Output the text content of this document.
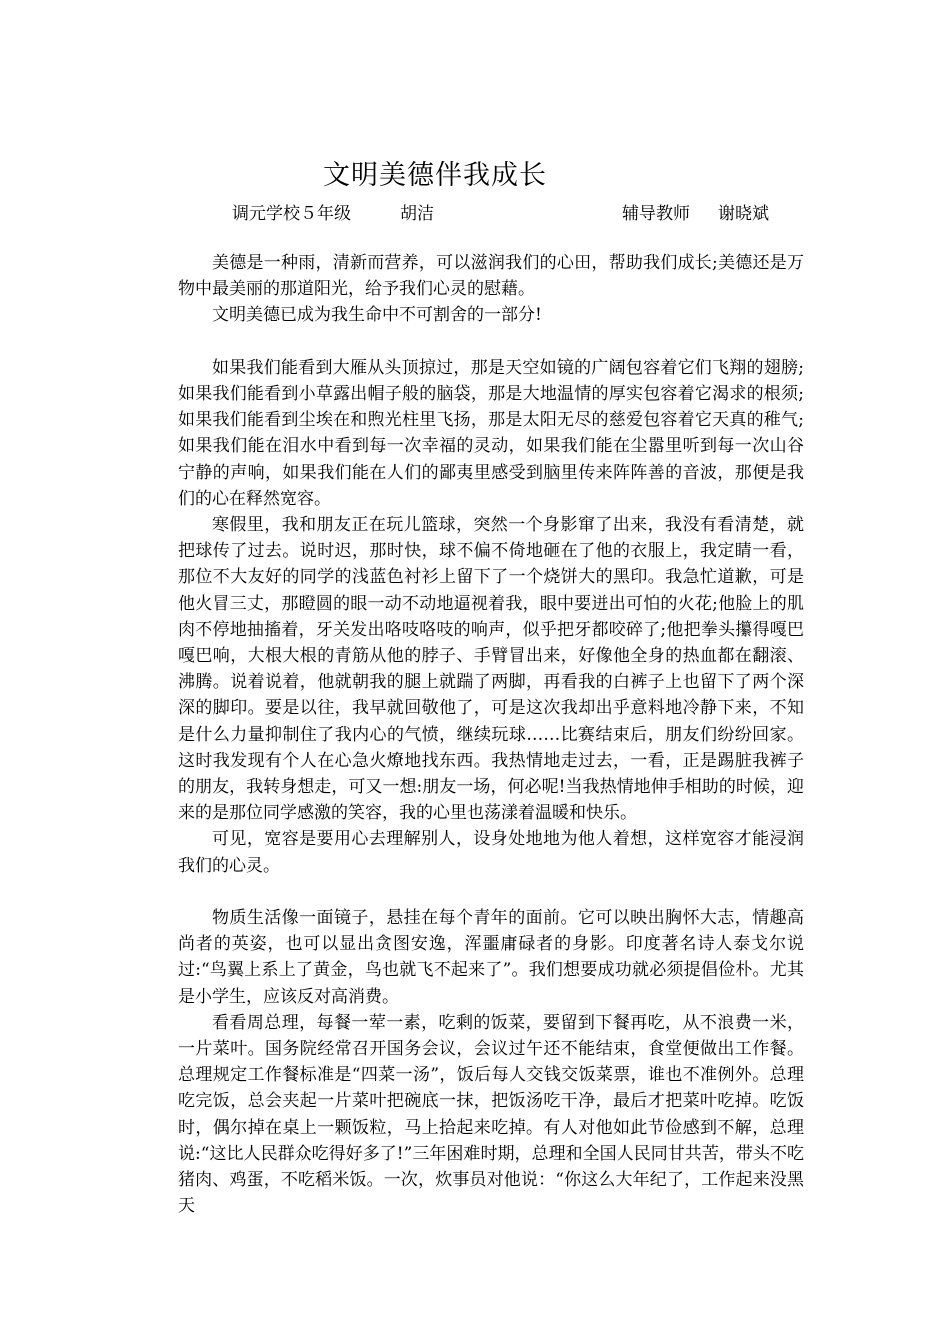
文明美德伴我成长
调元学校５年级	胡洁	辅导教师 谢晓斌

美德是一种雨，清新而营养，可以滋润我们的心田，帮助我们成长;美德还是万物中最美丽的那道阳光，给予我们心灵的慰藉。

文明美德已成为我生命中不可割舍的一部分!

如果我们能看到大雁从头顶掠过，那是天空如镜的广阔包容着它们飞翔的翅膀;如果我们能看到小草露出帽子般的脑袋，那是大地温情的厚实包容着它渴求的根须;如果我们能看到尘埃在和煦光柱里飞扬，那是太阳无尽的慈爱包容着它天真的稚气;如果我们能在泪水中看到每一次幸福的灵动，如果我们能在尘嚣里听到每一次山谷宁静的声响，如果我们能在人们的鄙夷里感受到脑里传来阵阵善的音波，那便是我们的心在释然宽容。

寒假里，我和朋友正在玩儿篮球，突然一个身影窜了出来，我没有看清楚，就把球传了过去。说时迟，那时快，球不偏不倚地砸在了他的衣服上，我定睛一看，那位不大友好的同学的浅蓝色衬衫上留下了一个烧饼大的黑印。我急忙道歉，可是他火冒三丈，那瞪圆的眼一动不动地逼视着我，眼中要迸出可怕的火花;他脸上的肌肉不停地抽搐着，牙关发出咯吱咯吱的响声，似乎把牙都咬碎了;他把拳头攥得嘎巴嘎巴响，大根大根的青筋从他的脖子、手臂冒出来，好像他全身的热血都在翻滚、沸腾。说着说着，他就朝我的腿上就踹了两脚，再看我的白裤子上也留下了两个深深的脚印。要是以往，我早就回敬他了，可是这次我却出乎意料地冷静下来，不知是什么力量抑制住了我内心的气愤，继续玩球……比赛结束后，朋友们纷纷回家。这时我发现有个人在心急火燎地找东西。我热情地走过去，一看，正是踢脏我裤子的朋友，我转身想走，可又一想:朋友一场，何必呢!当我热情地伸手相助的时候，迎来的是那位同学感激的笑容，我的心里也荡漾着温暖和快乐。

可见，宽容是要用心去理解别人，设身处地地为他人着想，这样宽容才能浸润我们的心灵。

物质生活像一面镜子，悬挂在每个青年的面前。它可以映出胸怀大志，情趣高尚者的英姿，也可以显出贪图安逸，浑噩庸碌者的身影。印度著名诗人泰戈尔说过:“鸟翼上系上了黄金，鸟也就飞不起来了”。我们想要成功就必须提倡俭朴。尤其是小学生，应该反对高消费。

看看周总理，每餐一荤一素，吃剩的饭菜，要留到下餐再吃，从不浪费一米，一片菜叶。国务院经常召开国务会议，会议过午还不能结束，食堂便做出工作餐。总理规定工作餐标准是“四菜一汤”，饭后每人交钱交饭菜票，谁也不准例外。总理吃完饭，总会夹起一片菜叶把碗底一抹，把饭汤吃干净，最后才把菜叶吃掉。吃饭时，偶尔掉在桌上一颗饭粒，马上拾起来吃掉。有人对他如此节俭感到不解，总理说:“这比人民群众吃得好多了!”三年困难时期，总理和全国人民同甘共苦，带头不吃猪肉、鸡蛋，不吃稻米饭。一次，炊事员对他说：“你这么大年纪了，工作起来没黑天
